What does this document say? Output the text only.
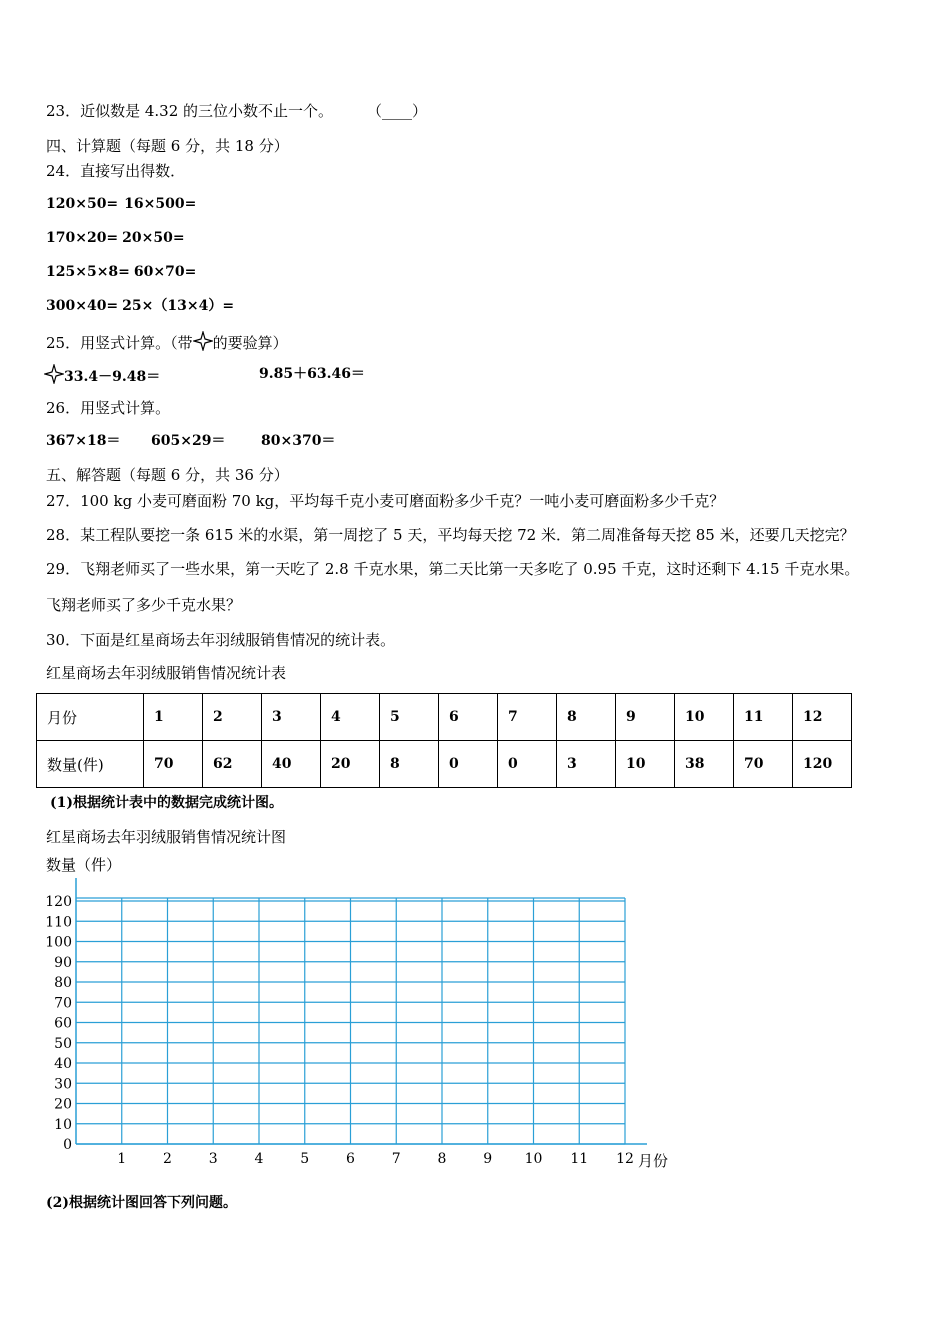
23．近似数是 4.32 的三位小数不止一个。 （____）
四、计算题（每题 6 分，共 18 分）
24．直接写出得数．
120×50= 16×500=
170×20= 20×50=
125×5×8= 60×70=
300×40= 25×（13×4）=
25．用竖式计算。（带 的要验算）
33.4－9.48＝	9.85＋63.46＝
26．用竖式计算。
367×18＝ 605×29＝	80×370＝
五、解答题（每题 6 分，共 36 分）
27．100 kg 小麦可磨面粉 70 kg，平均每千克小麦可磨面粉多少千克？一吨小麦可磨面粉多少千克？
28．某工程队要挖一条 615 米的水渠，第一周挖了 5 天，平均每天挖 72 米．第二周准备每天挖 85 米，还要几天挖完？
29．飞翔老师买了一些水果，第一天吃了 2.8 千克水果，第二天比第一天多吃了 0.95 千克，这时还剩下 4.15 千克水果。
飞翔老师买了多少千克水果？
30．下面是红星商场去年羽绒服销售情况的统计表。
红星商场去年羽绒服销售情况统计表
月份	1	2	3	4	5	6	7	8	9	10	11	12
数量(件)	70	62	40	20	8	0	0	3	10	38	70	120
(1)根据统计表中的数据完成统计图。
红星商场去年羽绒服销售情况统计图
0
10
20
30
40
50
60
70
80
90
100
110
120
1	2	3	4	5	6	7	8	9 10 11 12
数量（件）
月份
(2)根据统计图回答下列问题。
